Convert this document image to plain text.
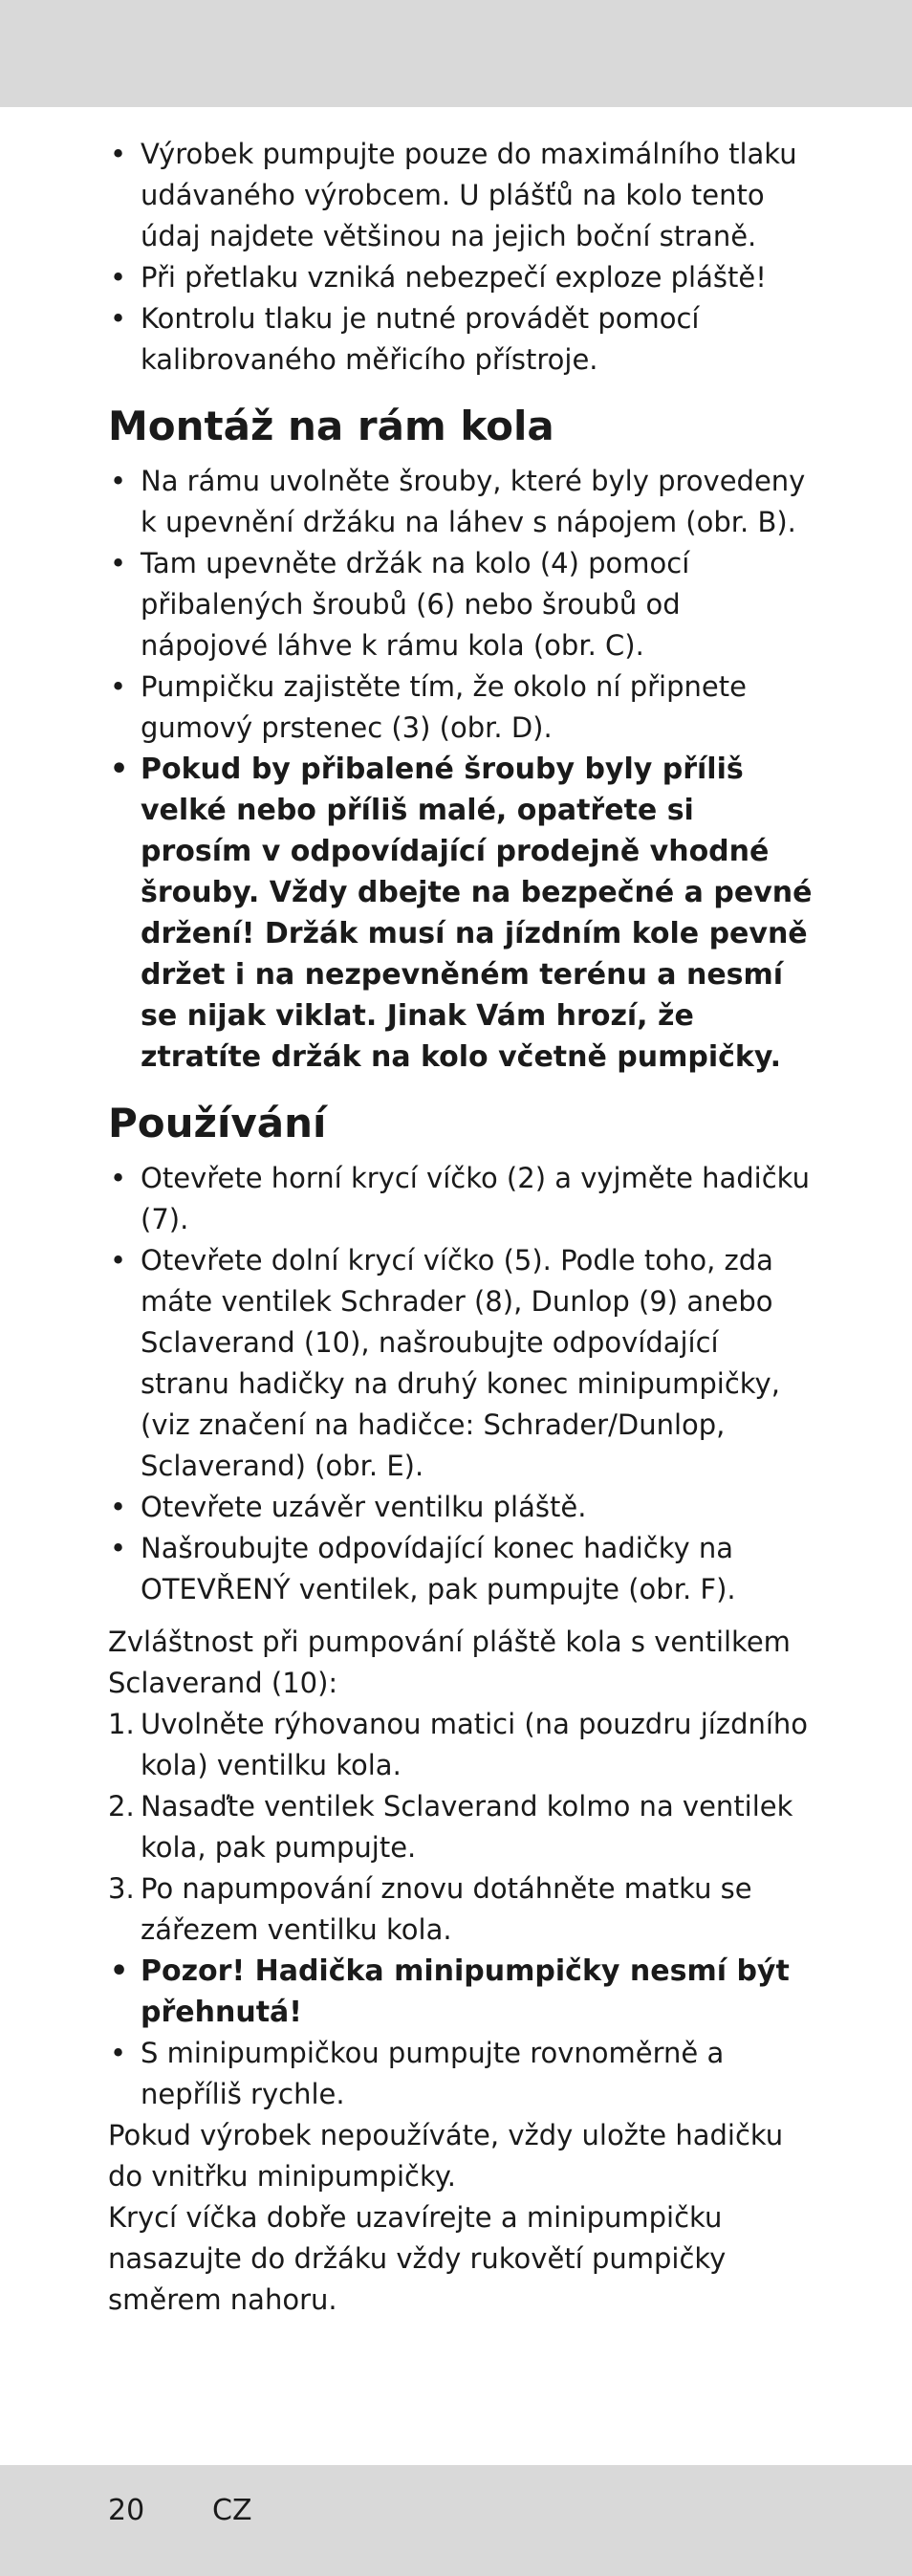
• Výrobek pumpujte pouze do maximálního tlaku udávaného výrobcem. U plášťů na kolo tento údaj najdete většinou na jejich boční straně.
• Při přetlaku vzniká nebezpečí exploze pláště!
• Kontrolu tlaku je nutné provádět pomocí kalibrovaného měřicího přístroje.
Montáž na rám kola
• Na rámu uvolněte šrouby, které byly provedeny k upevnění držáku na láhev s nápojem (obr. B).
• Tam upevněte držák na kolo (4) pomocí přibalených šroubů (6) nebo šroubů od nápojové láhve k rámu kola (obr. C).
• Pumpičku zajistěte tím, že okolo ní připnete gumový prstenec (3) (obr. D).
• Pokud by přibalené šrouby byly příliš velké nebo příliš malé, opatřete si prosím v odpovídající prodejně vhodné šrouby. Vždy dbejte na bezpečné a pevné držení! Držák musí na jízdním kole pevně držet i na nezpevněném terénu a nesmí se nijak viklat. Jinak Vám hrozí, že ztratíte držák na kolo včetně pumpičky.
Používání
• Otevřete horní krycí víčko (2) a vyjměte hadičku (7).
• Otevřete dolní krycí víčko (5). Podle toho, zda máte ventilek Schrader (8), Dunlop (9) anebo Sclaverand (10), našroubujte odpovídající stranu hadičky na druhý konec minipumpičky, (viz značení na hadičce: Schrader/Dunlop, Sclaverand) (obr. E).
• Otevřete uzávěr ventilku pláště.
• Našroubujte odpovídající konec hadičky na OTEVŘENÝ ventilek, pak pumpujte (obr. F).

Zvláštnost při pumpování pláště kola s ventilkem Sclaverand (10):

1. Uvolněte rýhovanou matici (na pouzdru jízdního kola) ventilku kola.
2. Nasaďte ventilek Sclaverand kolmo na ventilek kola, pak pumpujte.
3. Po napumpování znovu dotáhněte matku se zářezem ventilku kola.
• Pozor! Hadička minipumpičky nesmí být přehnutá!
• S minipumpičkou pumpujte rovnoměrně a nepříliš rychle.

Pokud výrobek nepoužíváte, vždy uložte hadičku do vnitřku minipumpičky.

Krycí víčka dobře uzavírejte a minipumpičku nasazujte do držáku vždy rukovětí pumpičky směrem nahoru.

20 CZ
